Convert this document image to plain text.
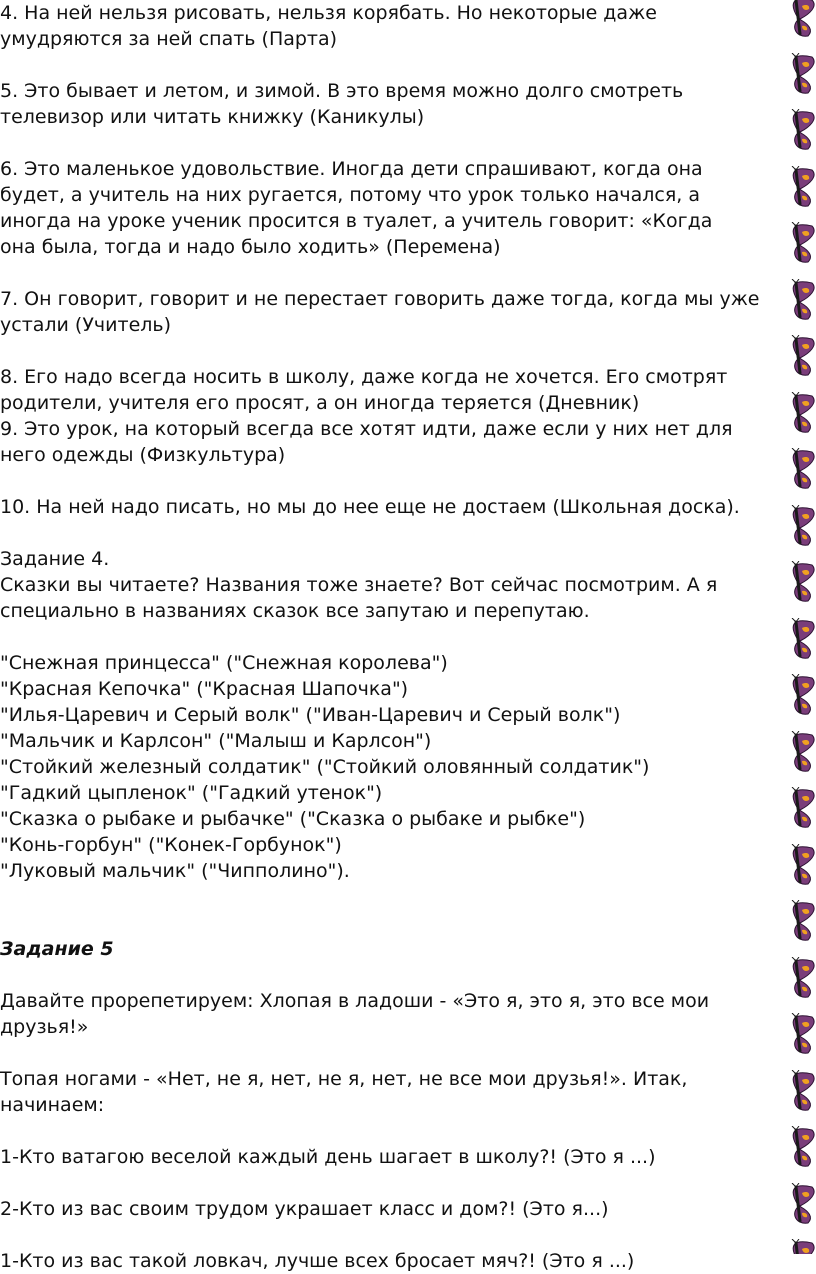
4. На ней нельзя рисовать, нельзя корябать. Но некоторые даже
умудряются за ней спать (Парта)
5. Это бывает и летом, и зимой. В это время можно долго смотреть
телевизор или читать книжку (Каникулы)
6. Это маленькое удовольствие. Иногда дети спрашивают, когда она
будет, а учитель на них ругается, потому что урок только начался, а
иногда на уроке ученик просится в туалет, а учитель говорит: «Когда
она была, тогда и надо было ходить» (Перемена)
7. Он говорит, говорит и не перестает говорить даже тогда, когда мы уже
устали (Учитель)
8. Его надо всегда носить в школу, даже когда не хочется. Его смотрят
родители, учителя его просят, а он иногда теряется (Дневник)
9. Это урок, на который всегда все хотят идти, даже если у них нет для
него одежды (Физкультура)
10. На ней надо писать, но мы до нее еще не достаем (Школьная доска).
Задание 4.
Сказки вы читаете? Названия тоже знаете? Вот сейчас посмотрим. А я
специально в названиях сказок все запутаю и перепутаю.
"Снежная принцесса" ("Снежная королева")
"Красная Кепочка" ("Красная Шапочка")
"Илья-Царевич и Серый волк" ("Иван-Царевич и Серый волк")
"Мальчик и Карлсон" ("Малыш и Карлсон")
"Стойкий железный солдатик" ("Стойкий оловянный солдатик")
"Гадкий цыпленок" ("Гадкий утенок")
"Сказка о рыбаке и рыбачке" ("Сказка о рыбаке и рыбке")
"Конь-горбун" ("Конек-Горбунок")
"Луковый мальчик" ("Чипполино").
Задание 5
Давайте прорепетируем: Хлопая в ладоши - «Это я, это я, это все мои
друзья!»
Топая ногами - «Нет, не я, нет, не я, нет, не все мои друзья!». Итак,
начинаем:
1-Кто ватагою веселой каждый день шагает в школу?! (Это я ...)
2-Кто из вас своим трудом украшает класс и дом?! (Это я...)
1-Кто из вас такой ловкач, лучше всех бросает мяч?! (Это я ...)
